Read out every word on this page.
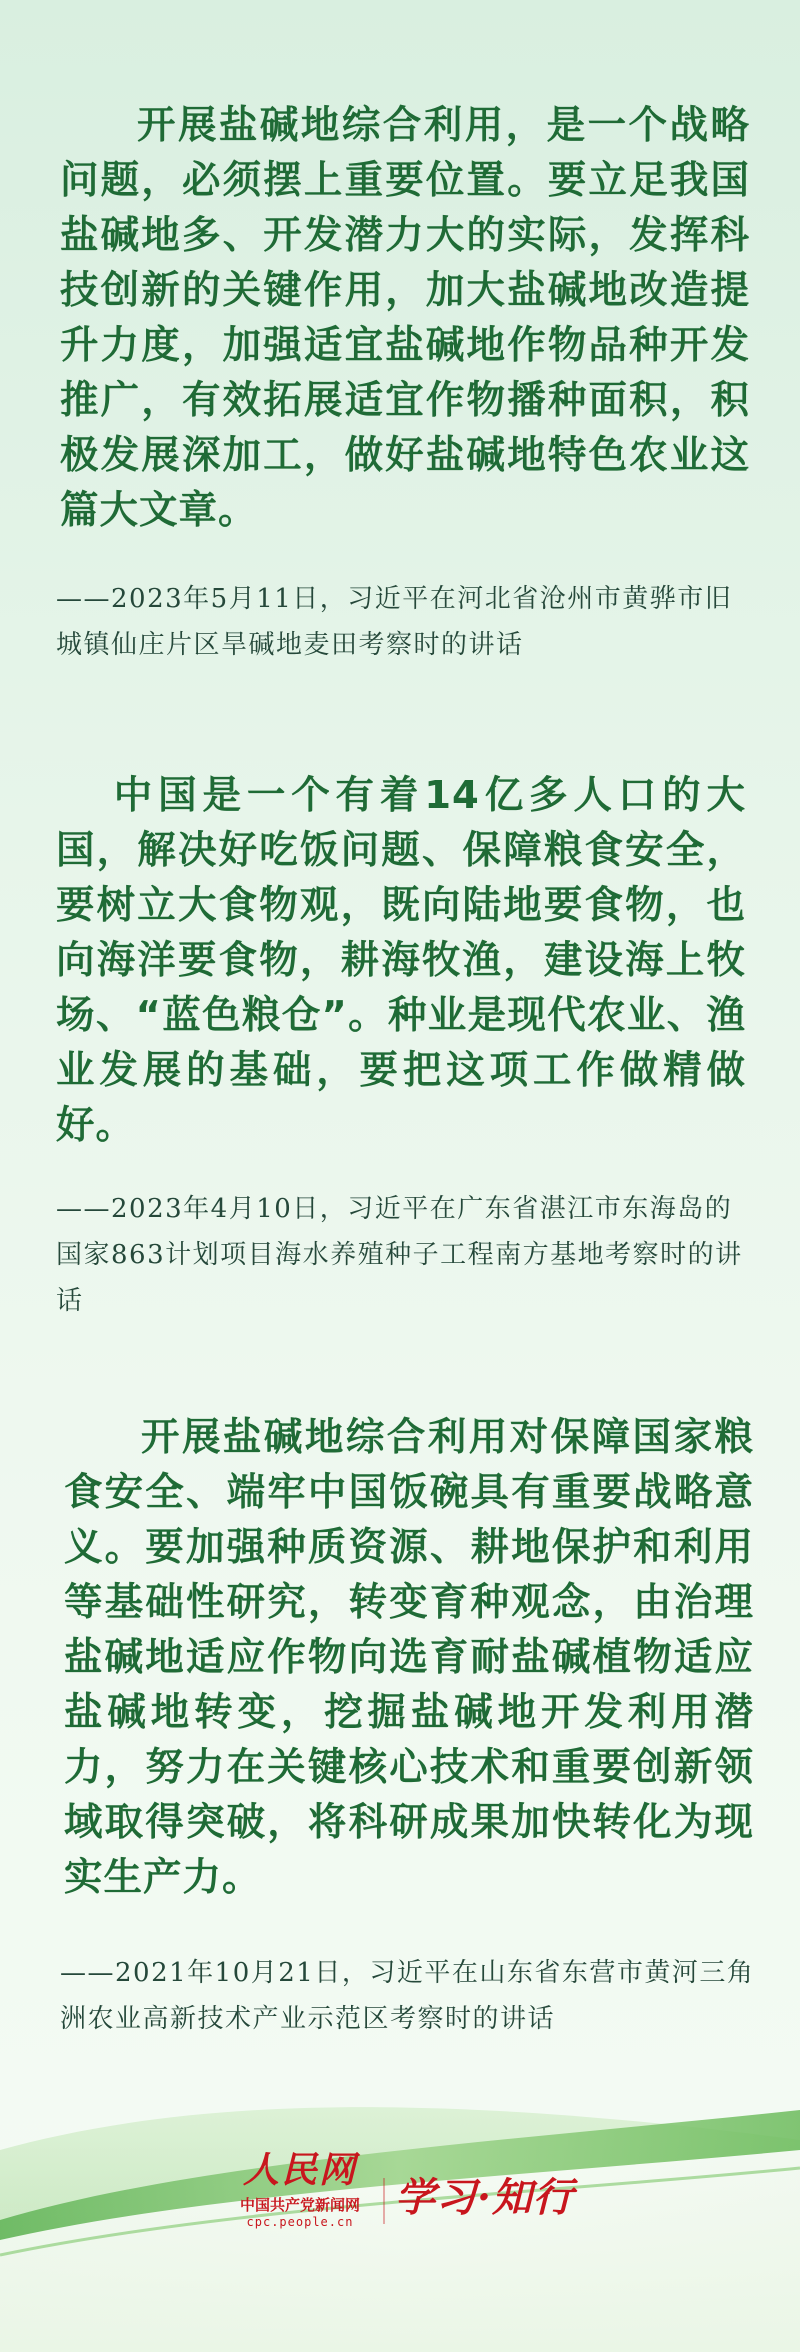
开展盐碱地综合利用，是一个战略问题，必须摆上重要位置。要立足我国盐碱地多、开发潜力大的实际，发挥科技创新的关键作用，加大盐碱地改造提升力度，加强适宜盐碱地作物品种开发推广，有效拓展适宜作物播种面积，积极发展深加工，做好盐碱地特色农业这篇大文章。

——2023年5月11日，习近平在河北省沧州市黄骅市旧城镇仙庄片区旱碱地麦田考察时的讲话

中国是一个有着14亿多人口的大国，解决好吃饭问题、保障粮食安全，要树立大食物观，既向陆地要食物，也向海洋要食物，耕海牧渔，建设海上牧场、“蓝色粮仓”。种业是现代农业、渔业发展的基础，要把这项工作做精做好。

——2023年4月10日，习近平在广东省湛江市东海岛的国家863计划项目海水养殖种子工程南方基地考察时的讲话

开展盐碱地综合利用对保障国家粮食安全、端牢中国饭碗具有重要战略意义。要加强种质资源、耕地保护和利用等基础性研究，转变育种观念，由治理盐碱地适应作物向选育耐盐碱植物适应盐碱地转变，挖掘盐碱地开发利用潜力，努力在关键核心技术和重要创新领域取得突破，将科研成果加快转化为现实生产力。

——2021年10月21日，习近平在山东省东营市黄河三角洲农业高新技术产业示范区考察时的讲话

人民网
中国共产党新闻网
cpc.people.cn
学习·知行
